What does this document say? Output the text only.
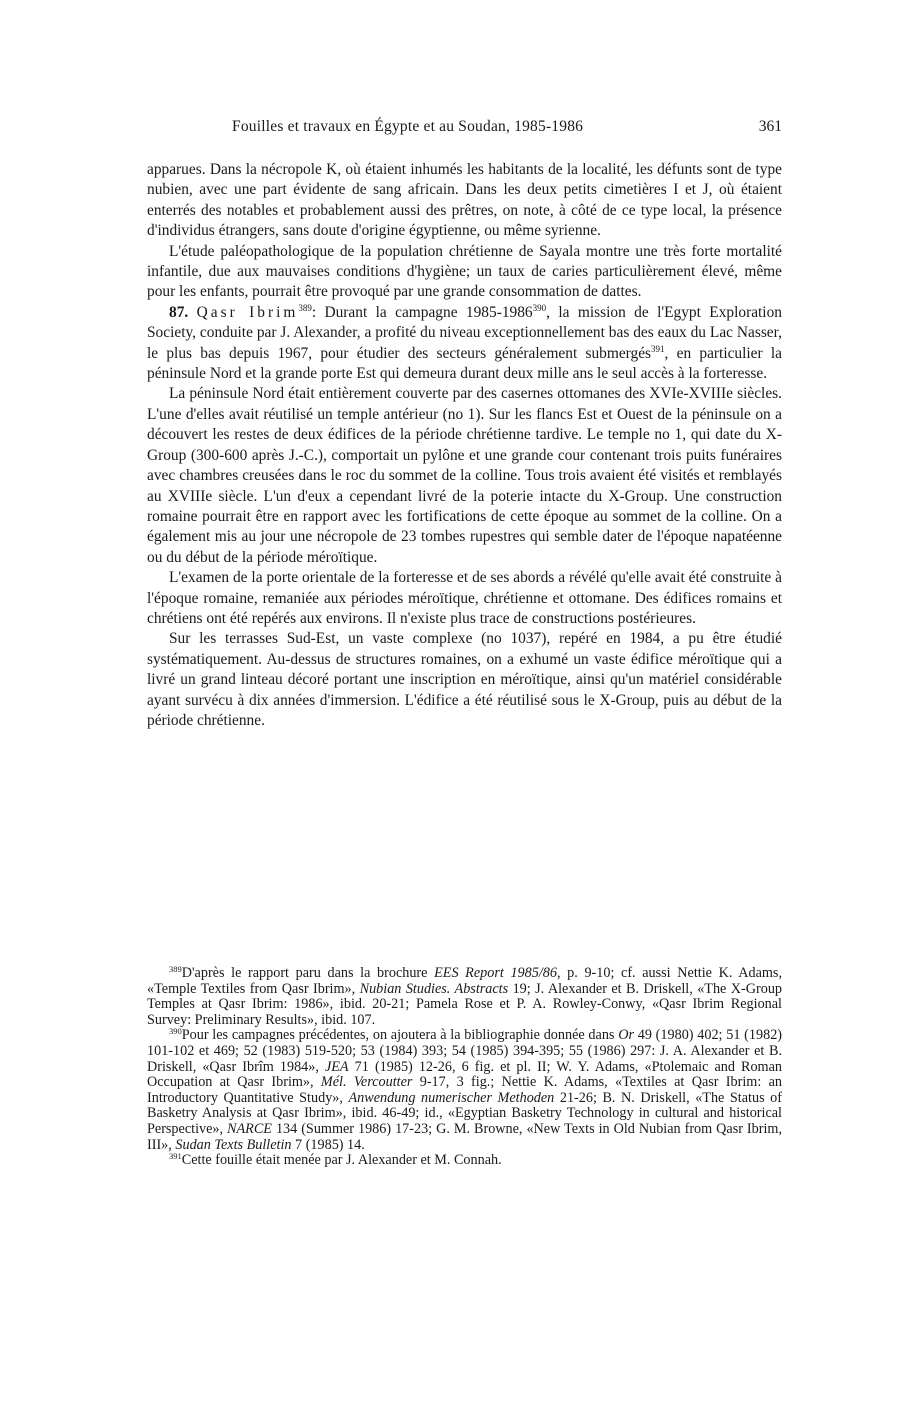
Fouilles et travaux en Égypte et au Soudan, 1985-1986	361

apparues. Dans la nécropole K, où étaient inhumés les habitants de la localité, les défunts sont de type nubien, avec une part évidente de sang africain. Dans les deux petits cimetières I et J, où étaient enterrés des notables et probablement aussi des prêtres, on note, à côté de ce type local, la présence d'individus étrangers, sans doute d'origine égyptienne, ou même syrienne.

L'étude paléopathologique de la population chrétienne de Sayala montre une très forte mortalité infantile, due aux mauvaises conditions d'hygiène; un taux de caries particulièrement élevé, même pour les enfants, pourrait être provoqué par une grande consommation de dattes.

87. Qasr Ibrim$^{389}$: Durant la campagne 1985-1986$^{390}$, la mission de l'Egypt Exploration Society, conduite par J. Alexander, a profité du niveau exceptionnellement bas des eaux du Lac Nasser, le plus bas depuis 1967, pour étudier des secteurs généralement submergés$^{391}$, en particulier la péninsule Nord et la grande porte Est qui demeura durant deux mille ans le seul accès à la forteresse.

La péninsule Nord était entièrement couverte par des casernes ottomanes des XVIe-XVIIIe siècles. L'une d'elles avait réutilisé un temple antérieur (no 1). Sur les flancs Est et Ouest de la péninsule on a découvert les restes de deux édifices de la période chrétienne tardive. Le temple no 1, qui date du X-Group (300-600 après J.-C.), comportait un pylône et une grande cour contenant trois puits funéraires avec chambres creusées dans le roc du sommet de la colline. Tous trois avaient été visités et remblayés au XVIIIe siècle. L'un d'eux a cependant livré de la poterie intacte du X-Group. Une construction romaine pourrait être en rapport avec les fortifications de cette époque au sommet de la colline. On a également mis au jour une nécropole de 23 tombes rupestres qui semble dater de l'époque napatéenne ou du début de la période méroïtique.

L'examen de la porte orientale de la forteresse et de ses abords a révélé qu'elle avait été construite à l'époque romaine, remaniée aux périodes méroïtique, chrétienne et ottomane. Des édifices romains et chrétiens ont été repérés aux environs. Il n'existe plus trace de constructions postérieures.

Sur les terrasses Sud-Est, un vaste complexe (no 1037), repéré en 1984, a pu être étudié systématiquement. Au-dessus de structures romaines, on a exhumé un vaste édifice méroïtique qui a livré un grand linteau décoré portant une inscription en méroïtique, ainsi qu'un matériel considérable ayant survécu à dix années d'immersion. L'édifice a été réutilisé sous le X-Group, puis au début de la période chrétienne.

$^{389}$D'après le rapport paru dans la brochure EES Report 1985/86, p. 9-10; cf. aussi Nettie K. Adams, «Temple Textiles from Qasr Ibrim», Nubian Studies. Abstracts 19; J. Alexander et B. Driskell, «The X-Group Temples at Qasr Ibrim: 1986», ibid. 20-21; Pamela Rose et P. A. Rowley-Conwy, «Qasr Ibrim Regional Survey: Preliminary Results», ibid. 107.

$^{390}$Pour les campagnes précédentes, on ajoutera à la bibliographie donnée dans Or 49 (1980) 402; 51 (1982) 101-102 et 469; 52 (1983) 519-520; 53 (1984) 393; 54 (1985) 394-395; 55 (1986) 297: J. A. Alexander et B. Driskell, «Qasr Ibrîm 1984», JEA 71 (1985) 12-26, 6 fig. et pl. II; W. Y. Adams, «Ptolemaic and Roman Occupation at Qasr Ibrim», Mél. Vercoutter 9-17, 3 fig.; Nettie K. Adams, «Textiles at Qasr Ibrim: an Introductory Quantitative Study», Anwendung numerischer Methoden 21-26; B. N. Driskell, «The Status of Basketry Analysis at Qasr Ibrim», ibid. 46-49; id., «Egyptian Basketry Technology in cultural and historical Perspective», NARCE 134 (Summer 1986) 17-23; G. M. Browne, «New Texts in Old Nubian from Qasr Ibrim, III», Sudan Texts Bulletin 7 (1985) 14.

$^{391}$Cette fouille était menée par J. Alexander et M. Connah.
